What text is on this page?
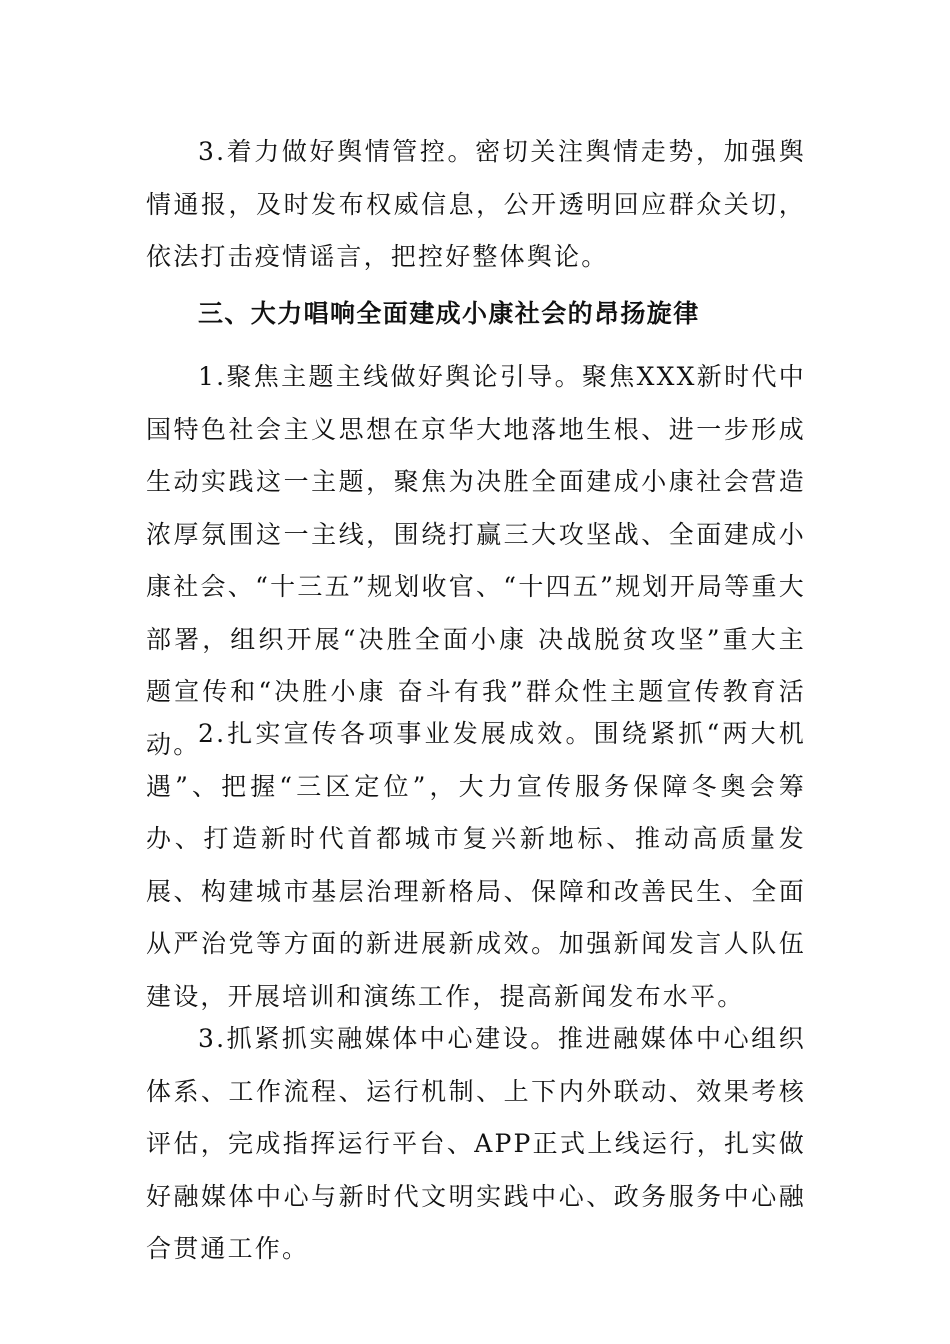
3.着力做好舆情管控。密切关注舆情走势，加强舆情通报，及时发布权威信息，公开透明回应群众关切，依法打击疫情谣言，把控好整体舆论。

三、大力唱响全面建成小康社会的昂扬旋律

1.聚焦主题主线做好舆论引导。聚焦XXX新时代中国特色社会主义思想在京华大地落地生根、进一步形成生动实践这一主题，聚焦为决胜全面建成小康社会营造浓厚氛围这一主线，围绕打赢三大攻坚战、全面建成小康社会、“十三五”规划收官、“十四五”规划开局等重大部署，组织开展“决胜全面小康 决战脱贫攻坚”重大主题宣传和“决胜小康 奋斗有我”群众性主题宣传教育活动。

2.扎实宣传各项事业发展成效。围绕紧抓“两大机遇”、把握“三区定位”，大力宣传服务保障冬奥会筹办、打造新时代首都城市复兴新地标、推动高质量发展、构建城市基层治理新格局、保障和改善民生、全面从严治党等方面的新进展新成效。加强新闻发言人队伍建设，开展培训和演练工作，提高新闻发布水平。

3.抓紧抓实融媒体中心建设。推进融媒体中心组织体系、工作流程、运行机制、上下内外联动、效果考核评估，完成指挥运行平台、APP正式上线运行，扎实做好融媒体中心与新时代文明实践中心、政务服务中心融合贯通工作。
